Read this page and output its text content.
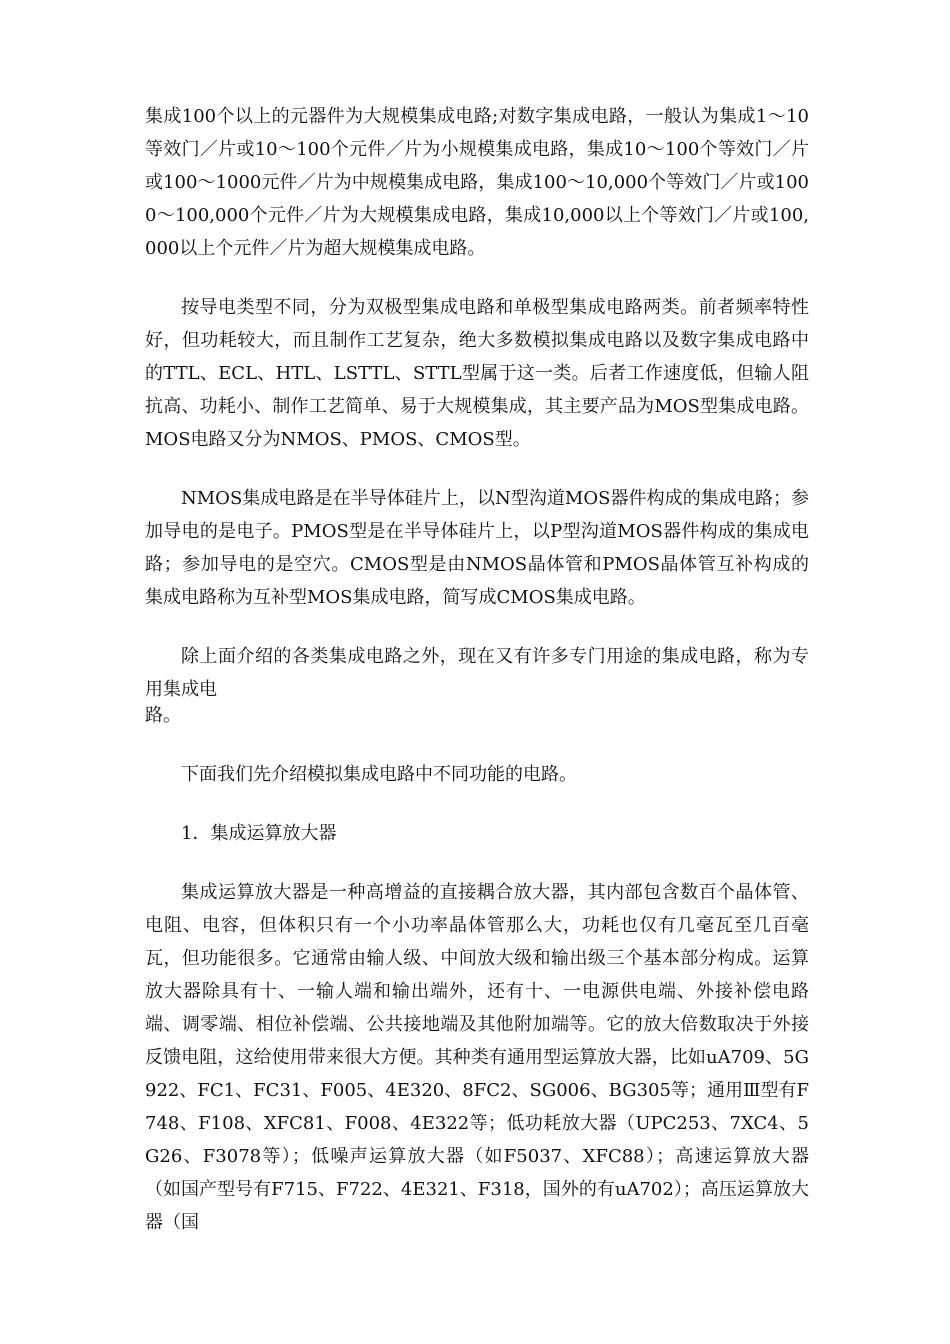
集成100个以上的元器件为大规模集成电路;对数字集成电路，一般认为集成1～10等效门／片或10～100个元件／片为小规模集成电路，集成10～100个等效门／片或100～1000元件／片为中规模集成电路，集成100～10,000个等效门／片或1000～100,000个元件／片为大规模集成电路，集成10,000以上个等效门／片或100,000以上个元件／片为超大规模集成电路。

按导电类型不同，分为双极型集成电路和单极型集成电路两类。前者频率特性好，但功耗较大，而且制作工艺复杂，绝大多数模拟集成电路以及数字集成电路中的TTL、ECL、HTL、LSTTL、STTL型属于这一类。后者工作速度低，但输人阻抗高、功耗小、制作工艺简单、易于大规模集成，其主要产品为MOS型集成电路。MOS电路又分为NMOS、PMOS、CMOS型。

NMOS集成电路是在半导体硅片上，以N型沟道MOS器件构成的集成电路；参加导电的是电子。PMOS型是在半导体硅片上，以P型沟道MOS器件构成的集成电路；参加导电的是空穴。CMOS型是由NMOS晶体管和PMOS晶体管互补构成的集成电路称为互补型MOS集成电路，简写成CMOS集成电路。

除上面介绍的各类集成电路之外，现在又有许多专门用途的集成电路，称为专用集成电

路。

下面我们先介绍模拟集成电路中不同功能的电路。

1．集成运算放大器

集成运算放大器是一种高增益的直接耦合放大器，其内部包含数百个晶体管、电阻、电容，但体积只有一个小功率晶体管那么大，功耗也仅有几毫瓦至几百毫瓦，但功能很多。它通常由输人级、中间放大级和输出级三个基本部分构成。运算放大器除具有十、一输人端和输出端外，还有十、一电源供电端、外接补偿电路端、调零端、相位补偿端、公共接地端及其他附加端等。它的放大倍数取决于外接反馈电阻，这给使用带来很大方便。其种类有通用型运算放大器，比如uA709、5G922、FC1、FC31、F005、4E320、8FC2、SG006、BG305等；通用Ⅲ型有F748、F108、XFC81、F008、4E322等；低功耗放大器（UPC253、7XC4、5G26、F3078等）；低噪声运算放大器（如F5037、XFC88）；高速运算放大器（如国产型号有F715、F722、4E321、F318，国外的有uA702）；高压运算放大器（国
